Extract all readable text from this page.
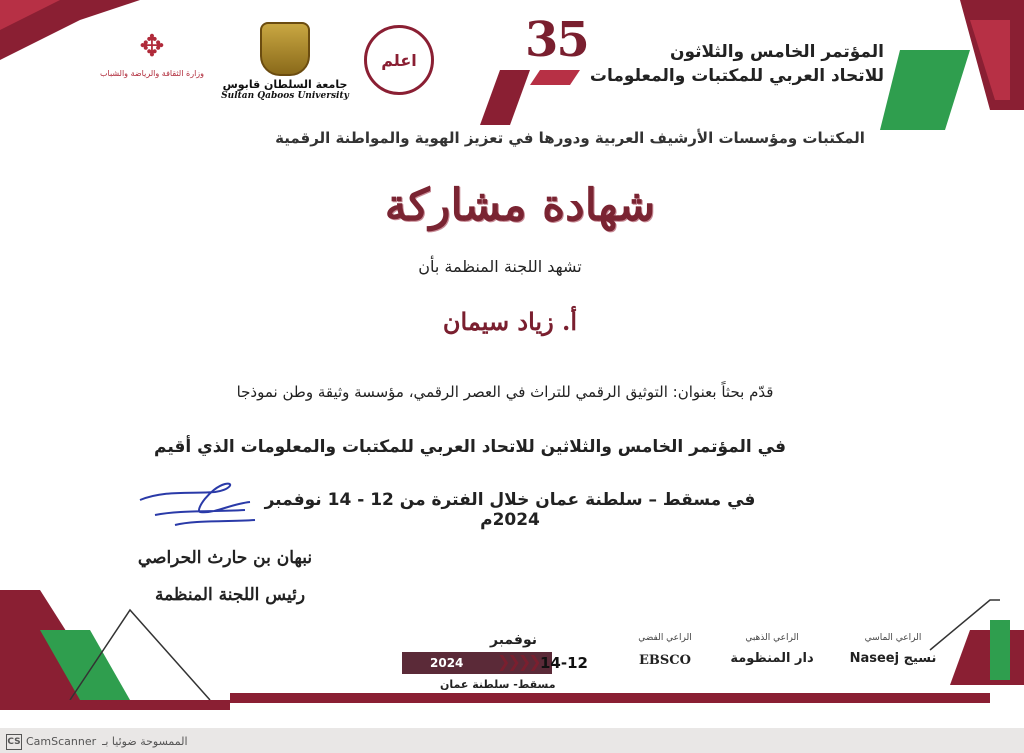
35	المؤتمر الخامس والثلاثون
للاتحاد العربي للمكتبات والمعلومات
اعلم
جامعة السلطان قابوس
Sultan Qaboos University
✥
وزارة الثقافة والرياضة والشباب
المكتبات ومؤسسات الأرشيف العربية ودورها في تعزيز الهوية والمواطنة الرقمية
شهادة مشاركة
تشهد اللجنة المنظمة بأن
أ. زياد سيمان
قدّم بحثاً بعنوان: التوثيق الرقمي للتراث في العصر الرقمي، مؤسسة وثيقة وطن نموذجا
في المؤتمر الخامس والثلاثين للاتحاد العربي للمكتبات والمعلومات الذي أقيم
في مسقط – سلطنة عمان خلال الفترة من 12 - 14 نوفمبر 2024م
نبهان بن حارث الحراصي
رئيس اللجنة المنظمة
نوفمبر
2024 ❯❯❯❯ 14-12
مسقط- سلطنة عمان
الراعي الفضي
EBSCO
الراعي الذهبي
دار المنظومة
الراعي الماسي
Naseej نسيج
CS CamScanner الممسوحة ضوئيا بـ
